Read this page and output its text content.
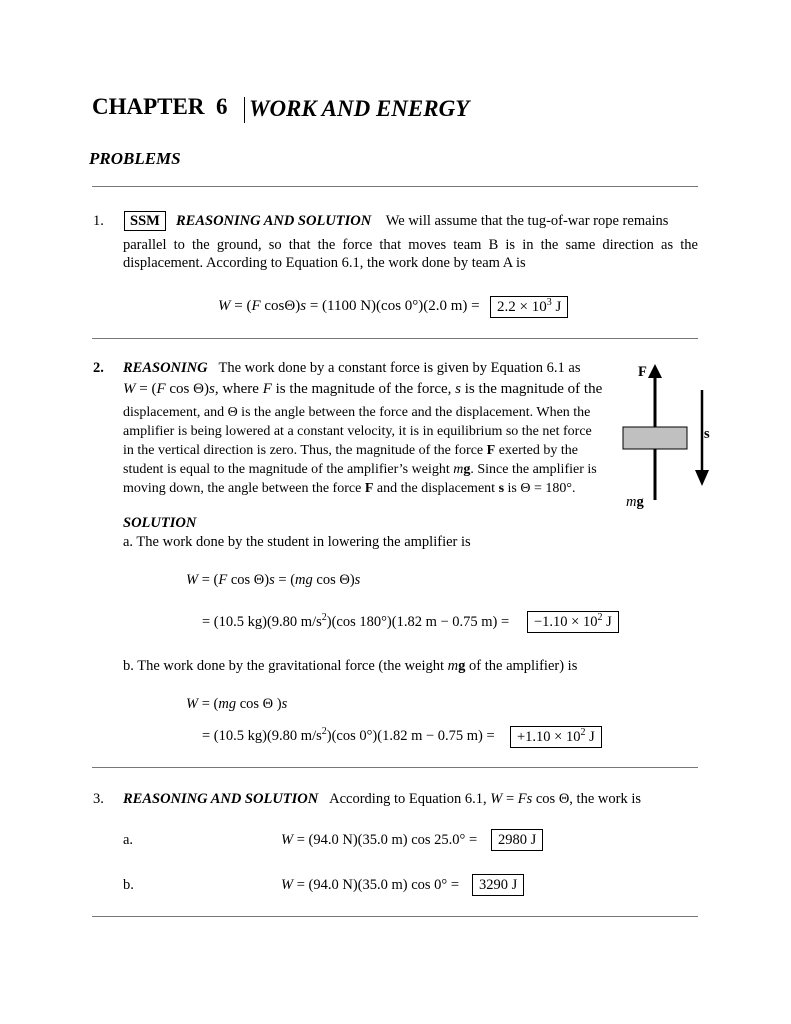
CHAPTER 6 WORK AND ENERGY
PROBLEMS
1.	SSM	REASONING AND SOLUTION We will assume that the tug-of-war rope remains
parallel to the ground, so that the force that moves team B is in the same direction as the
displacement. According to Equation 6.1, the work done by team A is
W = (F cosΘ)s = (1100 N)(cos 0°)(2.0 m) =	$2.2 \times 10^3$ J
2. REASONING The work done by a constant force is given by Equation 6.1 as
W = (F cos Θ)s, where F is the magnitude of the force, s is the magnitude of the
displacement, and Θ is the angle between the force and the displacement. When the
amplifier is being lowered at a constant velocity, it is in equilibrium so the net force
in the vertical direction is zero. Thus, the magnitude of the force F exerted by the
student is equal to the magnitude of the amplifier’s weight mg. Since the amplifier is
moving down, the angle between the force F and the displacement s is Θ = 180°.
F
s
mg
SOLUTION
a. The work done by the student in lowering the amplifier is
W = (F cos Θ)s = (mg cos Θ)s
= (10.5 kg)(9.80 $m/s^2)(\cos$ 180°)(1.82 m − 0.75 m) =	$-1.10 \times 10^2$ J
b. The work done by the gravitational force (the weight mg of the amplifier) is
W = (mg cos Θ )s
= (10.5 kg)(9.80 $m/s^2)(\cos$ 0°)(1.82 m − 0.75 m) =	$+1.10 \times 10^2$ J
3. REASONING AND SOLUTION According to Equation 6.1, W = Fs cos Θ, the work is
a.	W = (94.0 N)(35.0 m) cos 25.0° =	2980 J
b.	W = (94.0 N)(35.0 m) cos 0° =	3290 J
